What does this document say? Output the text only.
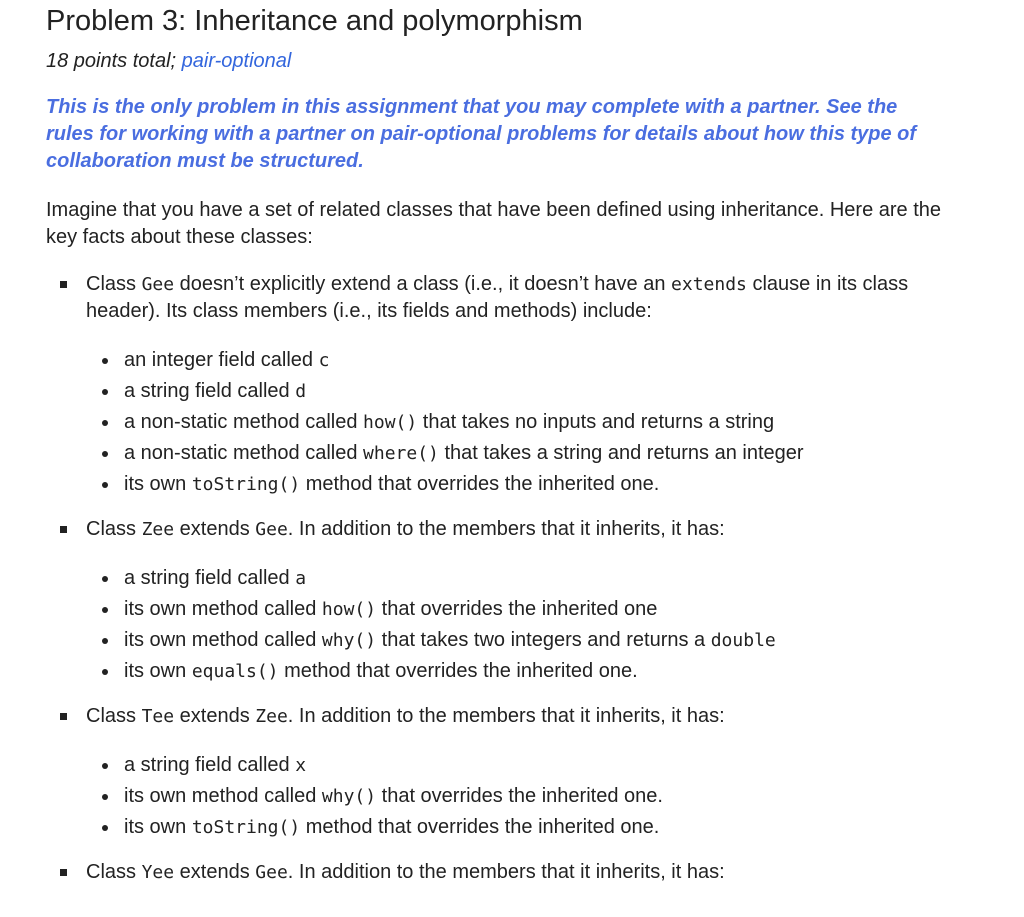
Problem 3: Inheritance and polymorphism

18 points total; pair-optional

This is the only problem in this assignment that you may complete with a partner. See the rules for working with a partner on pair-optional problems for details about how this type of collaboration must be structured.

Imagine that you have a set of related classes that have been defined using inheritance. Here are the key facts about these classes:

Class Gee doesn’t explicitly extend a class (i.e., it doesn’t have an extends clause in its class header). Its class members (i.e., its fields and methods) include:
an integer field called c
a string field called d
a non-static method called how() that takes no inputs and returns a string
a non-static method called where() that takes a string and returns an integer
its own toString() method that overrides the inherited one.
Class Zee extends Gee. In addition to the members that it inherits, it has:
a string field called a
its own method called how() that overrides the inherited one
its own method called why() that takes two integers and returns a double
its own equals() method that overrides the inherited one.
Class Tee extends Zee. In addition to the members that it inherits, it has:
a string field called x
its own method called why() that overrides the inherited one.
its own toString() method that overrides the inherited one.
Class Yee extends Gee. In addition to the members that it inherits, it has:
